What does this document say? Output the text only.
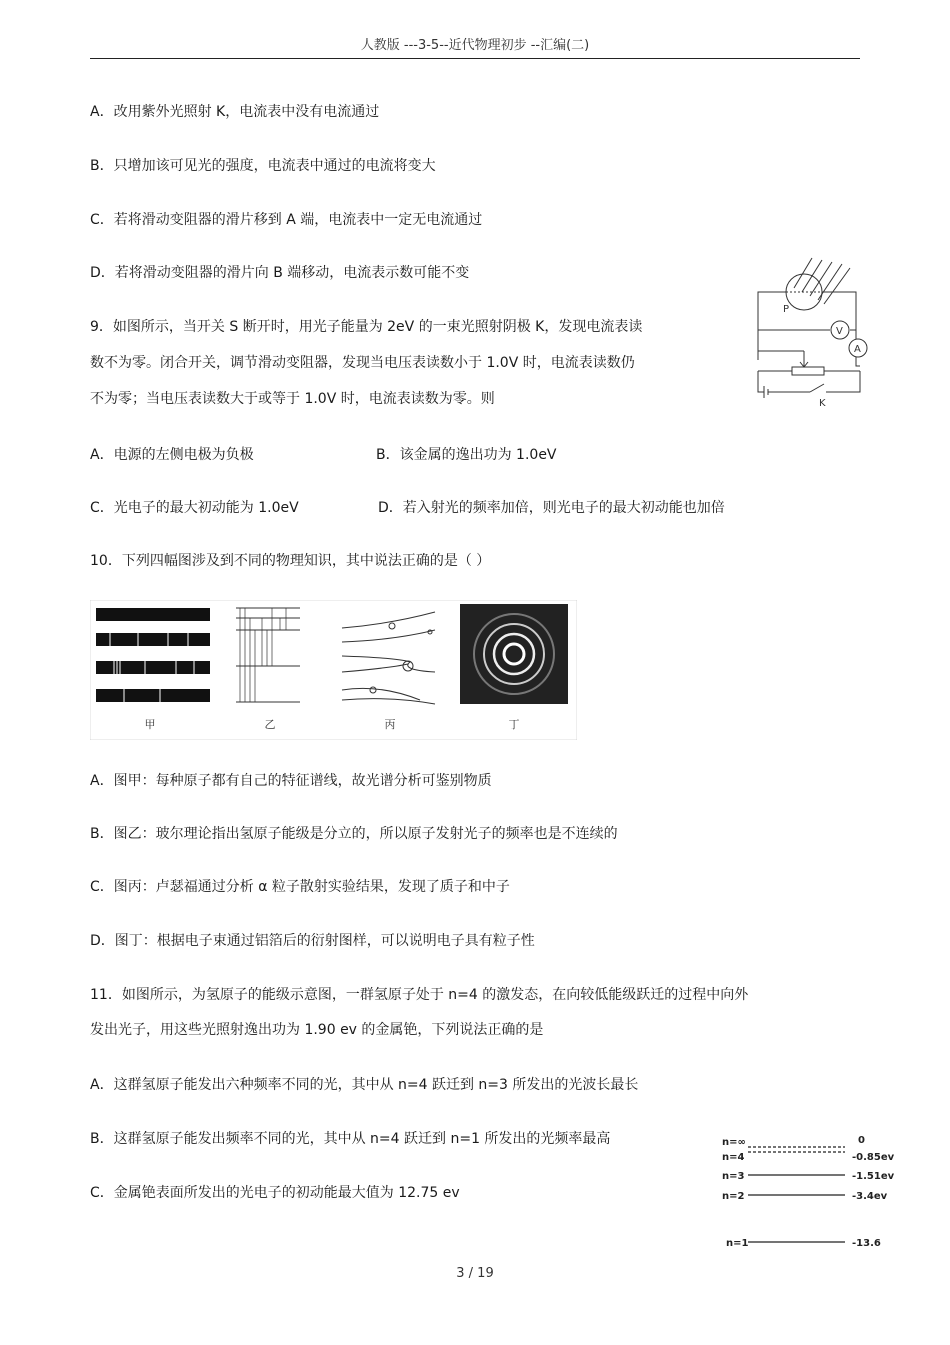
人教版 ---3-5--近代物理初步 --汇编(二)
A．改用紫外光照射 K，电流表中没有电流通过
B．只增加该可见光的强度，电流表中通过的电流将变大
C．若将滑动变阻器的滑片移到 A 端，电流表中一定无电流通过
D．若将滑动变阻器的滑片向 B 端移动，电流表示数可能不变
9．如图所示，当开关 S 断开时，用光子能量为 2eV 的一束光照射阴极 K，发现电流表读
数不为零。闭合开关，调节滑动变阻器，发现当电压表读数小于 1.0V 时，电流表读数仍
不为零；当电压表读数大于或等于 1.0V 时，电流表读数为零。则
A．电源的左侧电极为负极	B．该金属的逸出功为 1.0eV
C．光电子的最大初动能为 1.0eV	D．若入射光的频率加倍，则光电子的最大初动能也加倍
10．下列四幅图涉及到不同的物理知识，其中说法正确的是（ ）
A．图甲：每种原子都有自己的特征谱线，故光谱分析可鉴别物质
B．图乙：玻尔理论指出氢原子能级是分立的，所以原子发射光子的频率也是不连续的
C．图丙：卢瑟福通过分析 α 粒子散射实验结果，发现了质子和中子
D．图丁：根据电子束通过铝箔后的衍射图样，可以说明电子具有粒子性
11．如图所示，为氢原子的能级示意图，一群氢原子处于 n=4 的激发态，在向较低能级跃迁的过程中向外
发出光子，用这些光照射逸出功为 1.90 ev 的金属铯，下列说法正确的是
A．这群氢原子能发出六种频率不同的光，其中从 n=4 跃迁到 n=3 所发出的光波长最长
B．这群氢原子能发出频率不同的光，其中从 n=4 跃迁到 n=1 所发出的光频率最高
C．金属铯表面所发出的光电子的初动能最大值为 12.75 ev
P
V
A
K
甲	乙	丙	丁
n=∞	0
n=4	-0.85ev
n=3	-1.51ev
n=2	-3.4ev
n=1	-13.6
3 / 19
